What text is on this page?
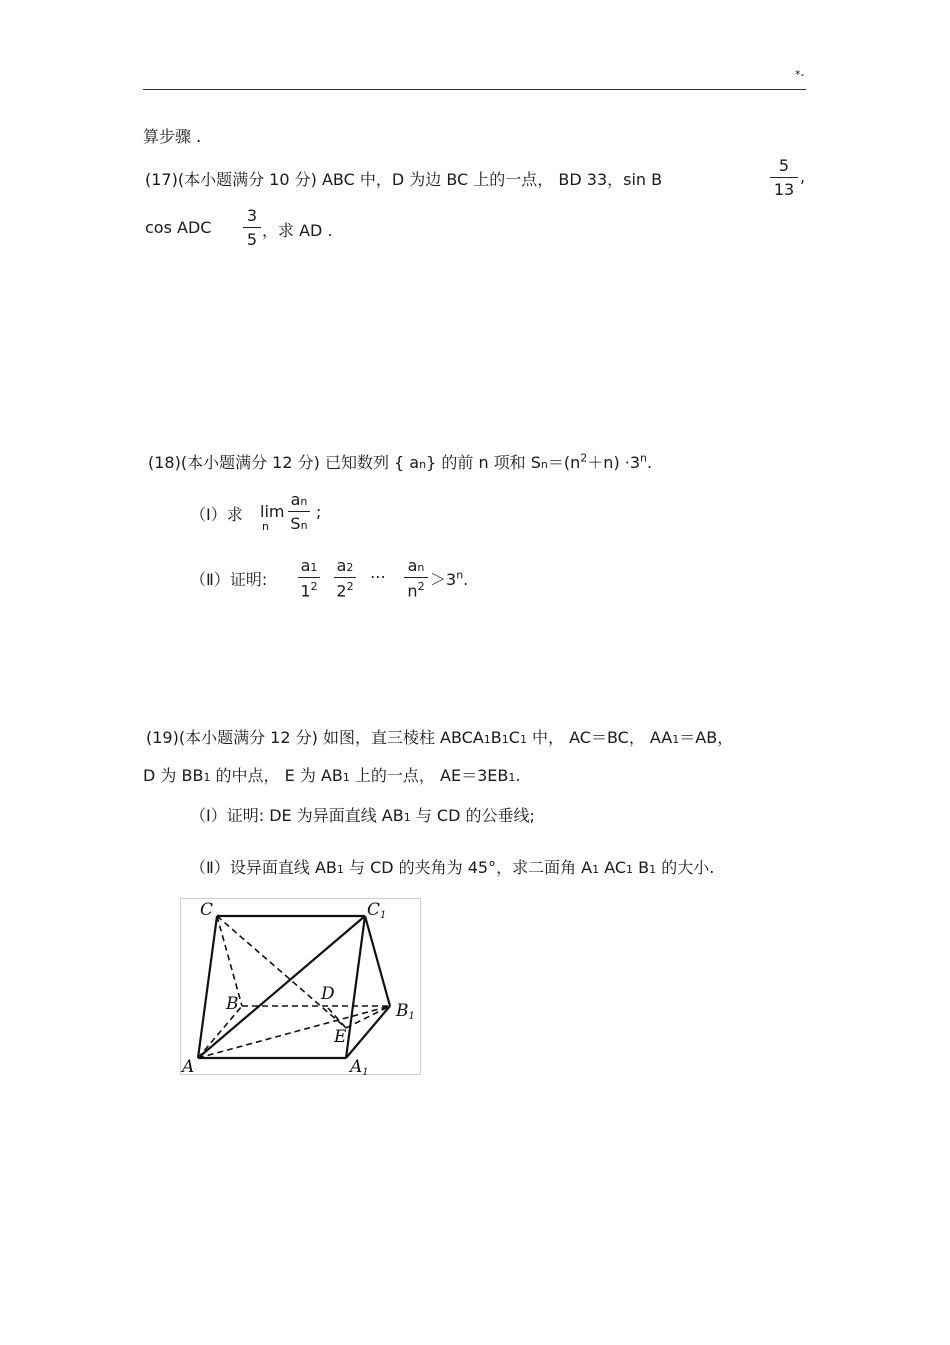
*-
算步骤 .
(17)(本小题满分 10 分) ABC 中，D 为边 BC 上的一点， BD 33，sin B
5
13
,
cos ADC
3
5 ，求 AD .
(18)(本小题满分 12 分) 已知数列 { an} 的前 n 项和 $Sn=(n^2+n) \cdot 3^n$.
（Ⅰ）求 lim
n
an
Sn
;
（Ⅱ）证明:
a1
$1^2$
a2
$2^2$
⋯
an
$n^2 >3^n$.
(19)(本小题满分 12 分) 如图，直三棱柱 ABCA1B1C1 中， AC＝BC， AA1＝AB，
D 为 BB1 的中点， E 为 AB1 上的一点， AE＝3EB1.
（Ⅰ）证明: DE 为异面直线 AB1 与 CD 的公垂线;
（Ⅱ）设异面直线 AB1 与 CD 的夹角为 45°，求二面角 A1 AC1 B1 的大小.
C	C1
B	D
B1
E
A	A1
